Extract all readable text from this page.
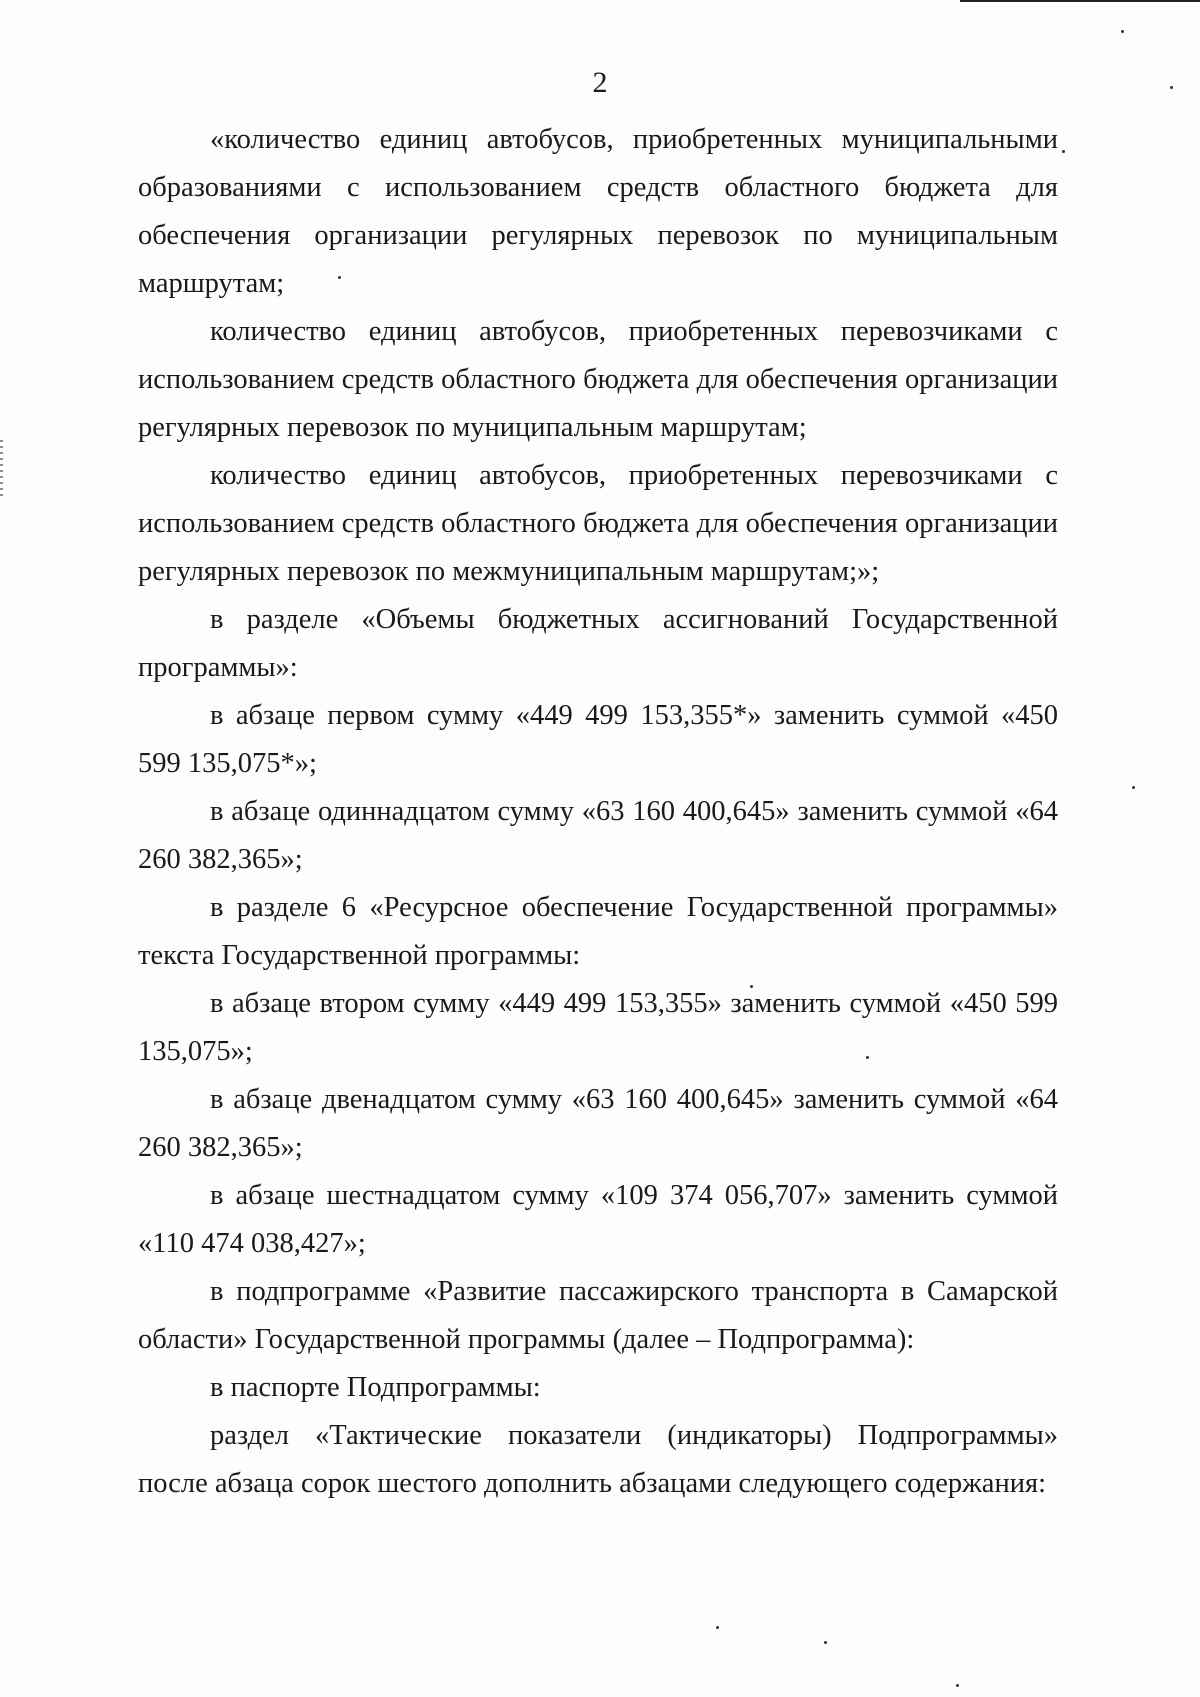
2

«количество единиц автобусов, приобретенных муниципальными образованиями с использованием средств областного бюджета для обеспечения организации регулярных перевозок по муниципальным маршрутам;

количество единиц автобусов, приобретенных перевозчиками с использованием средств областного бюджета для обеспечения организации регулярных перевозок по муниципальным маршрутам;

количество единиц автобусов, приобретенных перевозчиками с использованием средств областного бюджета для обеспечения организации регулярных перевозок по межмуниципальным маршрутам;»;

в разделе «Объемы бюджетных ассигнований Государственной программы»:

в абзаце первом сумму «449 499 153,355*» заменить суммой «450 599 135,075*»;

в абзаце одиннадцатом сумму «63 160 400,645» заменить суммой «64 260 382,365»;

в разделе 6 «Ресурсное обеспечение Государственной программы» текста Государственной программы:

в абзаце втором сумму «449 499 153,355» заменить суммой «450 599 135,075»;

в абзаце двенадцатом сумму «63 160 400,645» заменить суммой «64 260 382,365»;

в абзаце шестнадцатом сумму «109 374 056,707» заменить суммой «110 474 038,427»;

в подпрограмме «Развитие пассажирского транспорта в Самарской области» Государственной программы (далее – Подпрограмма):

в паспорте Подпрограммы:

раздел «Тактические показатели (индикаторы) Подпрограммы» после абзаца сорок шестого дополнить абзацами следующего содержания:
